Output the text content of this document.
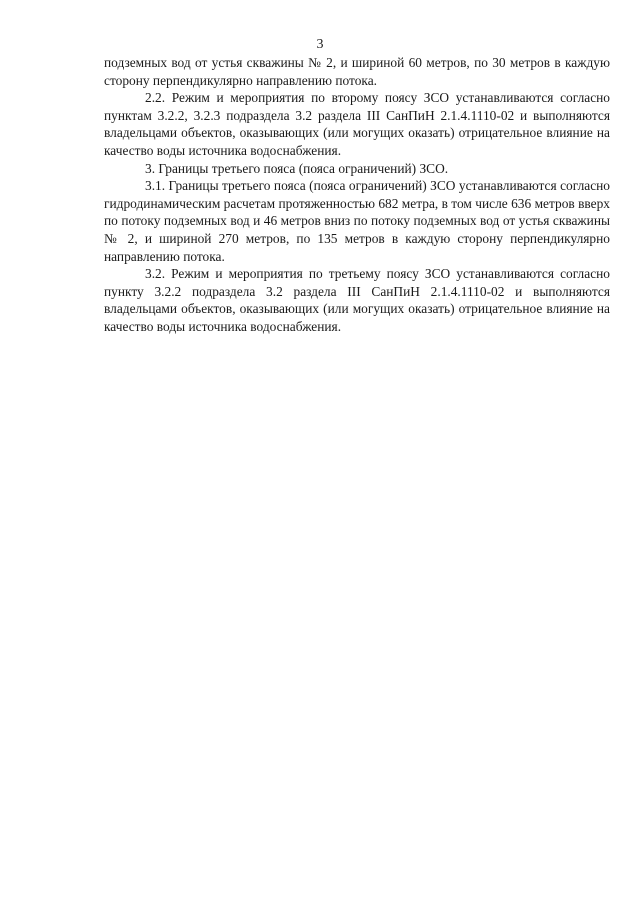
3

подземных вод от устья скважины № 2, и шириной 60 метров, по 30 метров в каждую сторону перпендикулярно направлению потока.

2.2. Режим и мероприятия по второму поясу ЗСО устанавливаются согласно пунктам 3.2.2, 3.2.3 подраздела 3.2 раздела III СанПиН 2.1.4.1110-02 и выполняются владельцами объектов, оказывающих (или могущих оказать) отрицательное влияние на качество воды источника водоснабжения.

3. Границы третьего пояса (пояса ограничений) ЗСО.

3.1. Границы третьего пояса (пояса ограничений) ЗСО устанавливаются согласно гидродинамическим расчетам протяженностью 682 метра, в том числе 636 метров вверх по потоку подземных вод и 46 метров вниз по потоку подземных вод от устья скважины № 2, и шириной 270 метров, по 135 метров в каждую сторону перпендикулярно направлению потока.

3.2. Режим и мероприятия по третьему поясу ЗСО устанавливаются согласно пункту 3.2.2 подраздела 3.2 раздела III СанПиН 2.1.4.1110-02 и выполняются владельцами объектов, оказывающих (или могущих оказать) отрицательное влияние на качество воды источника водоснабжения.
